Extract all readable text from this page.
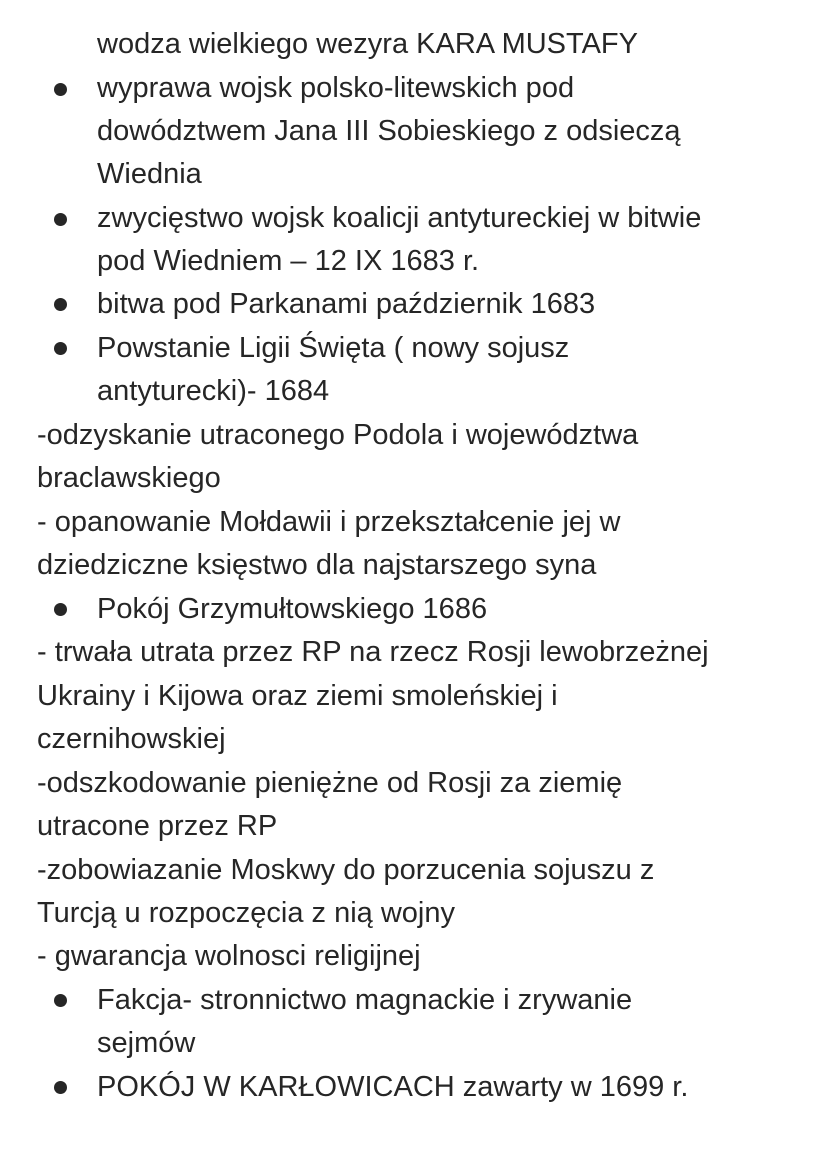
wodza wielkiego wezyra KARA MUSTAFY
wyprawa wojsk polsko-litewskich pod
dowództwem Jana III Sobieskiego z odsieczą
Wiednia
zwycięstwo wojsk koalicji antytureckiej w bitwie
pod Wiedniem – 12 IX 1683 r.
bitwa pod Parkanami październik 1683
Powstanie Ligii Święta ( nowy sojusz
antyturecki)- 1684
-odzyskanie utraconego Podola i województwa
braclawskiego
- opanowanie Mołdawii i przekształcenie jej w
dziedziczne księstwo dla najstarszego syna
Pokój Grzymułtowskiego 1686
- trwała utrata przez RP na rzecz Rosji lewobrzeżnej
Ukrainy i Kijowa oraz ziemi smoleńskiej i
czernihowskiej
-odszkodowanie pieniężne od Rosji za ziemię
utracone przez RP
-zobowiazanie Moskwy do porzucenia sojuszu z
Turcją u rozpoczęcia z nią wojny
- gwarancja wolnosci religijnej
Fakcja- stronnictwo magnackie i zrywanie
sejmów
POKÓJ W KARŁOWICACH zawarty w 1699 r.
